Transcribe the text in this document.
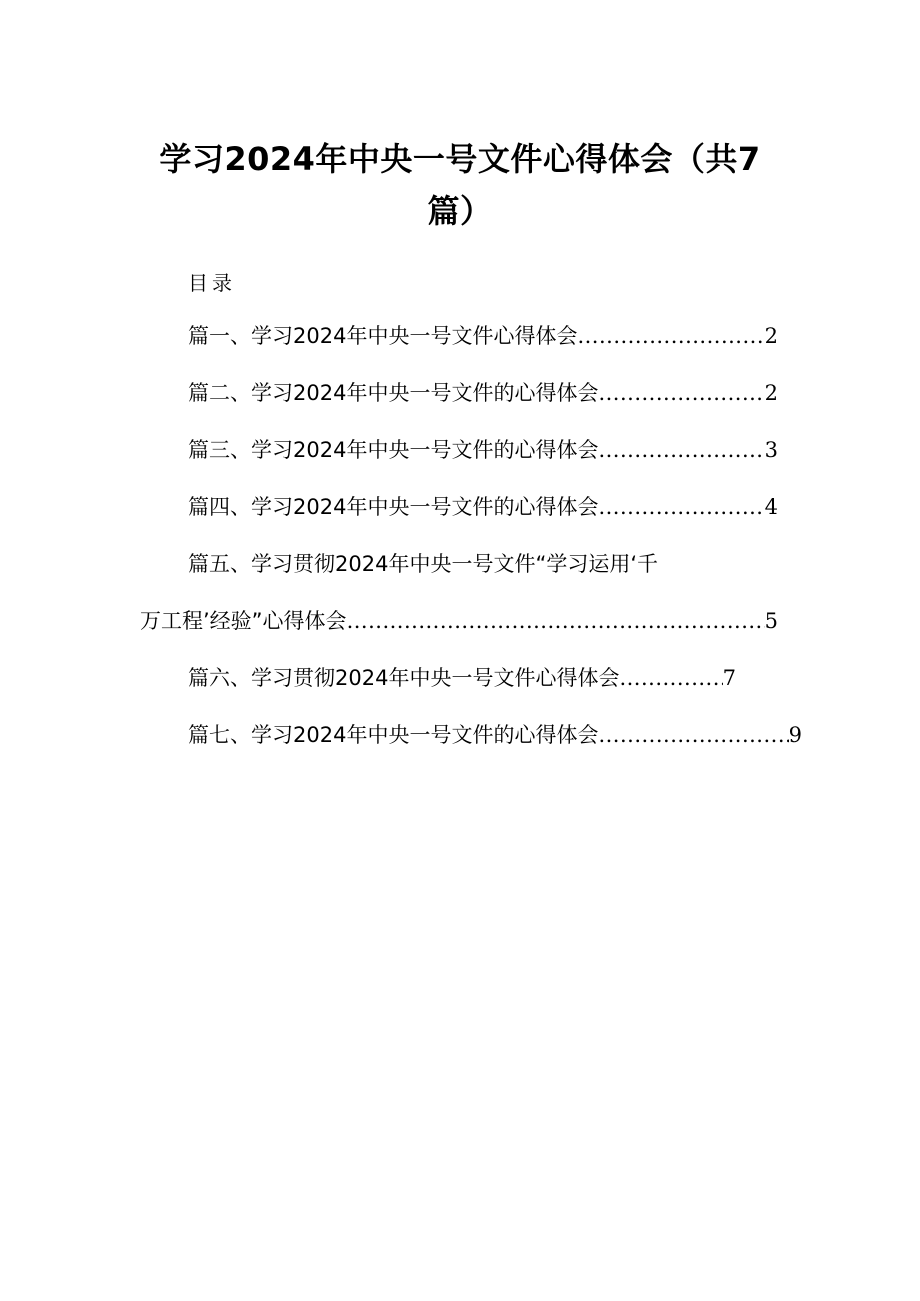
学习2024年中央一号文件心得体会（共7篇）
目录
篇一、学习2024年中央一号文件心得体会 .....	2
篇二、学习2024年中央一号文件的心得体会 .....	2
篇三、学习2024年中央一号文件的心得体会 .....	3
篇四、学习2024年中央一号文件的心得体会 .....	4
篇五、学习贯彻2024年中央一号文件“学习运用‘千
万工程’经验”心得体会 .....	5
篇六、学习贯彻2024年中央一号文件心得体会 .....	7
篇七、学习2024年中央一号文件的心得体会 .....	9
